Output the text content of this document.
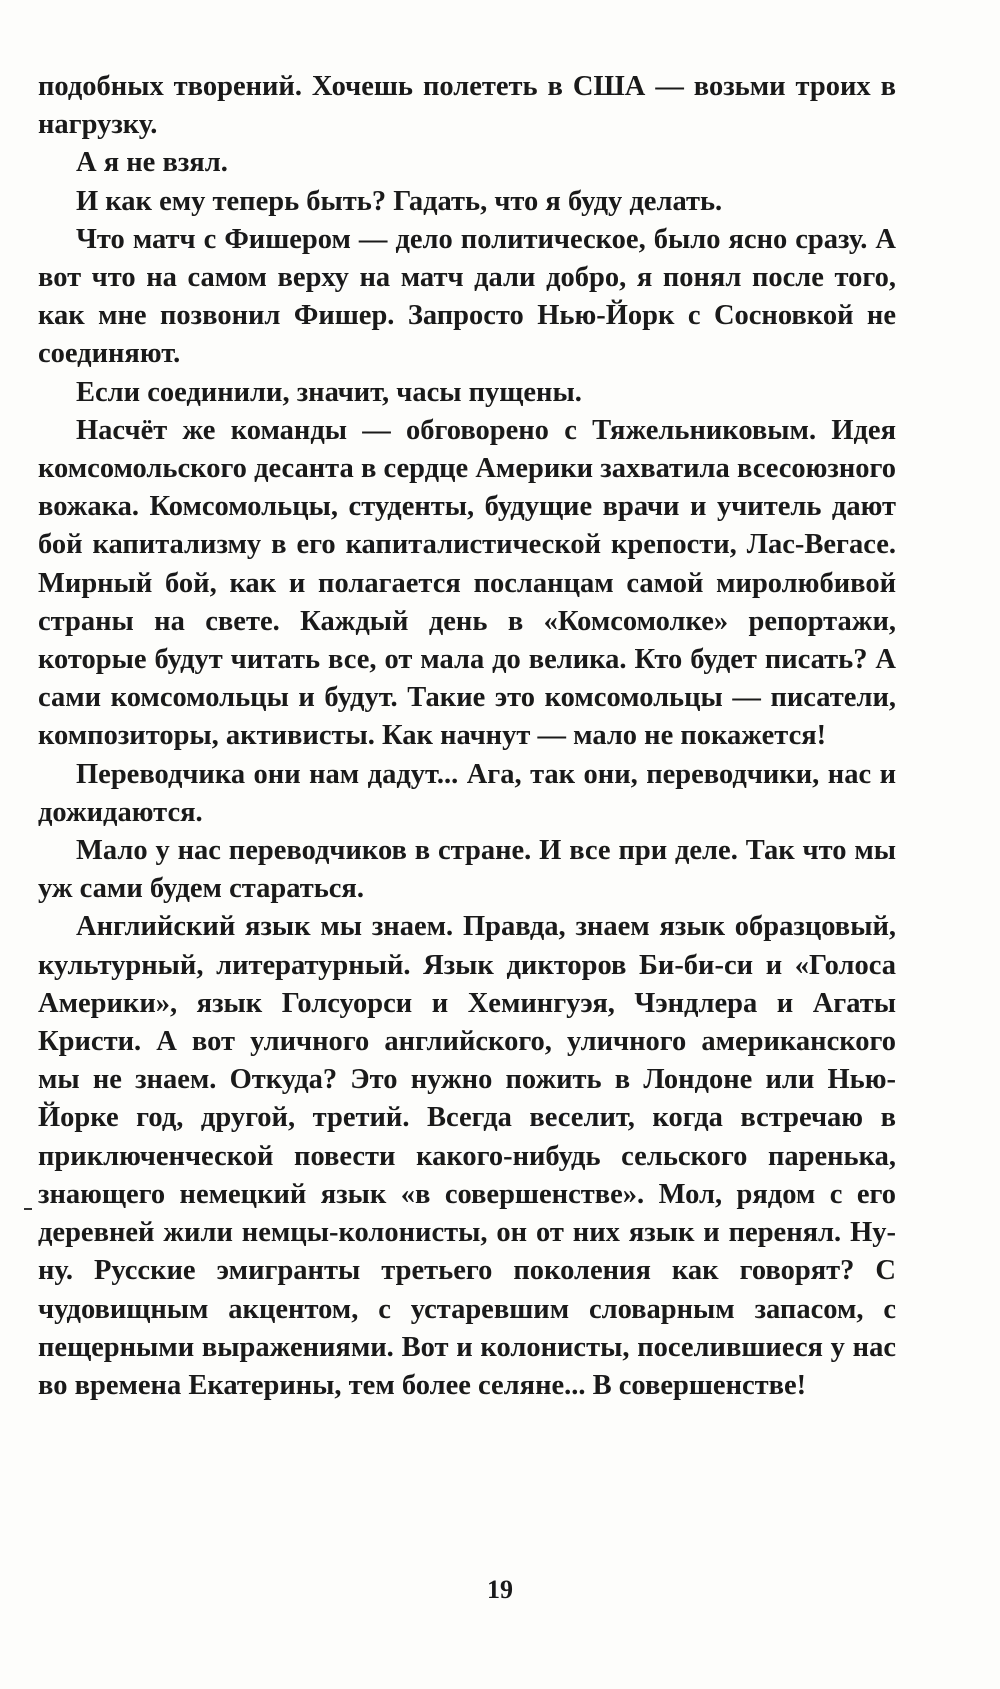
подобных творений. Хочешь полететь в США — возьми троих в нагрузку.

А я не взял.

И как ему теперь быть? Гадать, что я буду делать.

Что матч с Фишером — дело политическое, было ясно сразу. А вот что на самом верху на матч дали добро, я понял после того, как мне позвонил Фишер. Запросто Нью-Йорк с Сосновкой не соединяют.

Если соединили, значит, часы пущены.

Насчёт же команды — обговорено с Тяжельниковым. Идея комсомольского десанта в сердце Америки захватила всесоюзного вожака. Комсомольцы, студенты, будущие врачи и учитель дают бой капитализму в его капиталистической крепости, Лас-Вегасе. Мирный бой, как и полагается посланцам самой миролюбивой страны на свете. Каждый день в «Комсомолке» репортажи, которые будут читать все, от мала до велика. Кто будет писать? А сами комсомольцы и будут. Такие это комсомольцы — писатели, композиторы, активисты. Как начнут — мало не покажется!

Переводчика они нам дадут... Ага, так они, переводчики, нас и дожидаются.

Мало у нас переводчиков в стране. И все при деле. Так что мы уж сами будем стараться.

Английский язык мы знаем. Правда, знаем язык образцовый, культурный, литературный. Язык дикторов Би-би-си и «Голоса Америки», язык Голсуорси и Хемингуэя, Чэндлера и Агаты Кристи. А вот уличного английского, уличного американского мы не знаем. Откуда? Это нужно пожить в Лондоне или Нью-Йорке год, другой, третий. Всегда веселит, когда встречаю в приключенческой повести какого-нибудь сельского паренька, знающего немецкий язык «в совершенстве». Мол, рядом с его деревней жили немцы-колонисты, он от них язык и перенял. Ну-ну. Русские эмигранты третьего поколения как говорят? С чудовищным акцентом, с устаревшим словарным запасом, с пещерными выражениями. Вот и колонисты, поселившиеся у нас во времена Екатерины, тем более селяне... В совершенстве!

19
